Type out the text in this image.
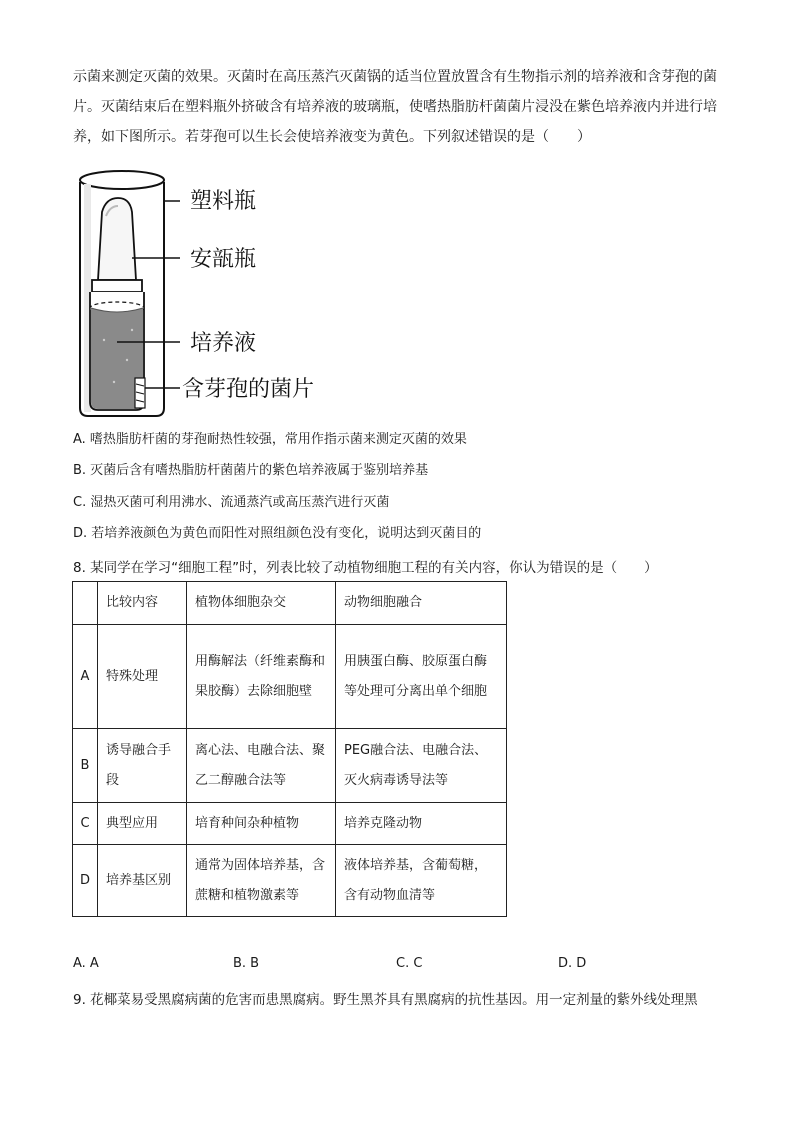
示菌来测定灭菌的效果。灭菌时在高压蒸汽灭菌锅的适当位置放置含有生物指示剂的培养液和含芽孢的菌片。灭菌结束后在塑料瓶外挤破含有培养液的玻璃瓶，使嗜热脂肪杆菌菌片浸没在紫色培养液内并进行培养，如下图所示。若芽孢可以生长会使培养液变为黄色。下列叙述错误的是（　　）

塑料瓶
安瓿瓶
培养液
含芽孢的菌片
A. 嗜热脂肪杆菌的芽孢耐热性较强，常用作指示菌来测定灭菌的效果
B. 灭菌后含有嗜热脂肪杆菌菌片的紫色培养液属于鉴别培养基
C. 湿热灭菌可利用沸水、流通蒸汽或高压蒸汽进行灭菌
D. 若培养液颜色为黄色而阳性对照组颜色没有变化，说明达到灭菌目的
8. 某同学在学习“细胞工程”时，列表比较了动植物细胞工程的有关内容，你认为错误的是（　　）
	比较内容	植物体细胞杂交	动物细胞融合
A	特殊处理	用酶解法（纤维素酶和果胶酶）去除细胞壁	用胰蛋白酶、胶原蛋白酶等处理可分离出单个细胞
B	诱导融合手段	离心法、电融合法、聚乙二醇融合法等	PEG融合法、电融合法、灭火病毒诱导法等
C	典型应用	培育种间杂种植物	培养克隆动物
D	培养基区别	通常为固体培养基，含蔗糖和植物激素等	液体培养基，含葡萄糖，含有动物血清等
A. A	B. B	C. C	D. D
9. 花椰菜易受黑腐病菌的危害而患黑腐病。野生黑芥具有黑腐病的抗性基因。用一定剂量的紫外线处理黑
